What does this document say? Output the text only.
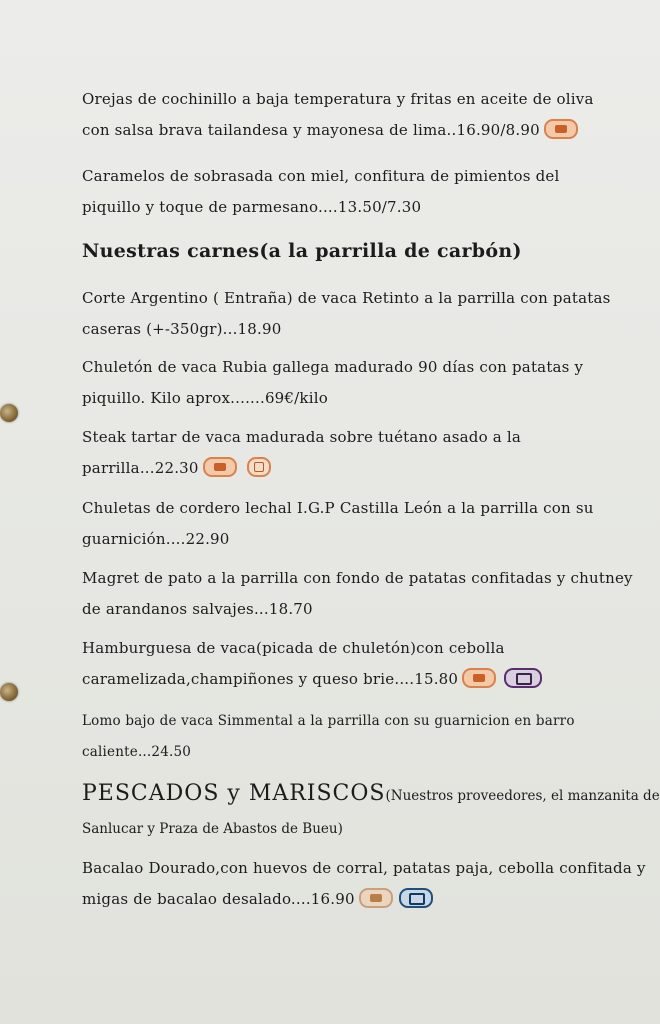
Orejas de cochinillo a baja temperatura y fritas en aceite de oliva
con salsa brava tailandesa y mayonesa de lima..16.90/8.90
Caramelos de sobrasada con miel, confitura de pimientos del
piquillo y toque de parmesano....13.50/7.30
Nuestras carnes(a la parrilla de carbón)
Corte Argentino ( Entraña) de vaca Retinto a la parrilla con patatas
caseras (+-350gr)...18.90
Chuletón de vaca Rubia gallega madurado 90 días con patatas y
piquillo. Kilo aprox.......69€/kilo
Steak tartar de vaca madurada sobre tuétano asado a la
parrilla...22.30
Chuletas de cordero lechal I.G.P Castilla León a la parrilla con su
guarnición....22.90
Magret de pato a la parrilla con fondo de patatas confitadas y chutney
de arandanos salvajes...18.70
Hamburguesa de vaca(picada de chuletón)con cebolla
caramelizada,champiñones y queso brie....15.80
Lomo bajo de vaca Simmental a la parrilla con su guarnicion en barro
caliente...24.50
PESCADOS y MARISCOS(Nuestros proveedores, el manzanita de
Sanlucar y Praza de Abastos de Bueu)
Bacalao Dourado,con huevos de corral, patatas paja, cebolla confitada y
migas de bacalao desalado....16.90
